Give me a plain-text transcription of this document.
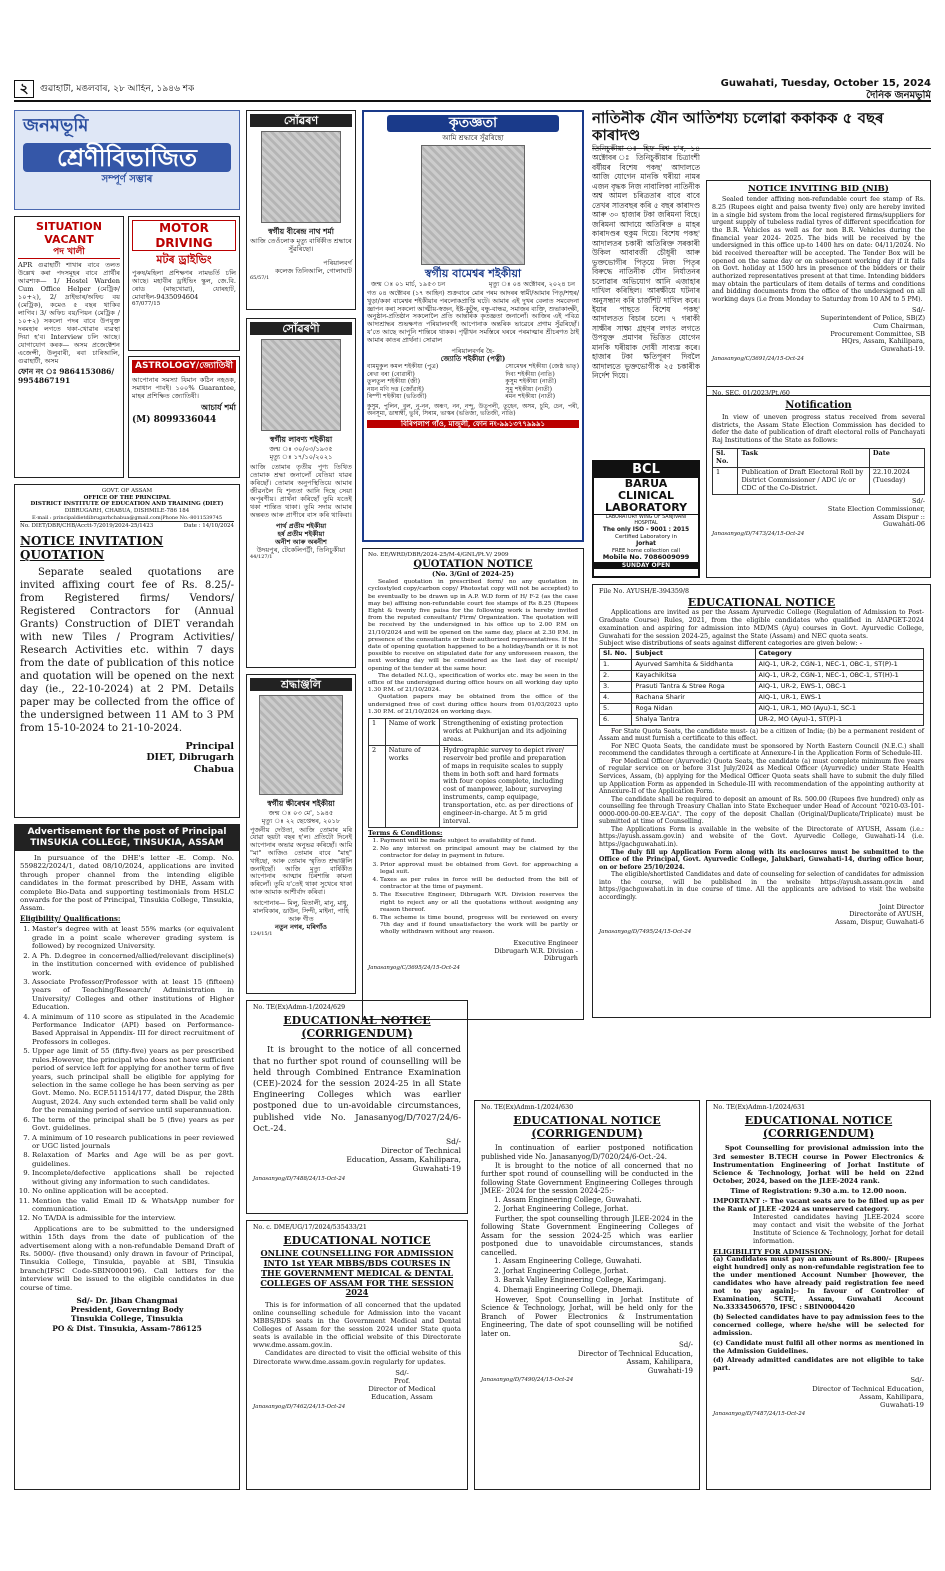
২	গুৱাহাটী, মঙলবাৰ, ২৮ আহিন, ১৯৪৬ শক	Guwahati, Tuesday, October 15, 2024
দৈনিক জনমভূমি
জনমভূমি
শ্ৰেণীবিভাজিত
সম্পূৰ্ণ সম্ভাৰ
SITUATION VACANT
পদ খালী
APR গুৱাহাটী শাখাৰ বাবে তলত উল্লেখ কৰা পদসমূহৰ বাবে প্ৰাৰ্থীৰ আৱশ্যক— 1/ Hostel Warden Cum Office Helper (মেট্ৰিক/১০+২), 2/ দ্ৰাইভাৰ/অফিচ বয় (মেট্ৰিক), কমেও ৫ বছৰ থাকিব লাগিব। 3/ অফিচ বয়/পিয়ন (মেট্ৰিক /১০+২) সকলো পদৰ বাবে উপযুক্ত দৰমহাৰ লগতে থকা-খোৱাৰ ব্যৱস্থা দিয়া হ'ব। Interview চলি আছে। যোগাযোগ কৰক— অসম প্ৰজেক্টেশন এজেন্সী, উলুবাৰী, ৰবা চাৰিআলি, গুৱাহাটী, অসম
ফোন নং ঃ 9864153086/ 9954867191
MOTOR DRIVING
মটৰ ড্ৰাইভিং
পুৰুষ/মহিলা প্ৰশিক্ষণৰ নামভৰ্তি চলি আছে। মহাবীৰ ড্ৰাইভিং স্কুল, জে.বি. ৰোড (মাছখোৱা), যোৰহাট, মোবাইল-9435094604
67/077/15
ASTROLOGY/জ্যোতিষী
আপোনাৰ সমস্যা যিমান কঠিন নহওক, সমাধান পাবই। ১০০% Guarantee, মাহৰ প্ৰশিক্ষিত জ্যোতিষী।
আচাৰ্য শৰ্মা
(M) 8099336044
GOVT. OF ASSAM
OFFICE OF THE PRINCIPAL
DISTRICT INSTITUTE OF EDUCATION AND TRAINING (DIET)
DIBRUGARH, CHABUA, DISHMILE-786 184
E-mail : principaldietdibrugarhchabua@gmail.com|Phone No.-8011539745
No. DIET/DBR/CHB/Acctt-7/2019/2024-25/1423	Date : 14/10/2024
NOTICE INVITATION QUOTATION
Separate sealed quotations are invited affixing court fee of Rs. 8.25/- from Registered firms/ Vendors/ Registered Contractors for (Annual Grants) Construction of DIET verandah with new Tiles / Program Activities/ Research Activities etc. within 7 days from the date of publication of this notice and quotation will be opened on the next day (ie., 22-10-2024) at 2 PM. Details paper may be collected from the office of the undersigned between 11 AM to 3 PM from 15-10-2024 to 21-10-2024.
Principal
DIET, Dibrugarh
Chabua
Advertisement for the post of Principal
TINSUKIA COLLEGE, TINSUKIA, ASSAM
In pursuance of the DHE's letter -E. Comp. No. 559822/2024/1, dated 08/10/2024, applications are invited through proper channel from the intending eligible candidates in the format prescribed by DHE, Assam with complete Bio-Data and supporting testimonials from HSLC onwards for the post of Principal, Tinsukia College, Tinsukia, Assam.
Eligibility/ Qualifications:
1. Master's degree with at least 55% marks (or equivalent grade in a point scale wherever grading system is followed) by recognized University.
2. A Ph. D.degree in concerned/allied/relevant discipline(s) in the institution concerned with evidence of published work.
3. Associate Professor/Professor with at least 15 (fifteen) years of Teaching/Research/ Administration in University/ Colleges and other institutions of Higher Education.
4. A minimum of 110 score as stipulated in the Academic Performance Indicator (API) based on Performance-Based Appraisal in Appendix- III for direct recruitment of Professors in colleges.
5. Upper age limit of 55 (fifty-five) years as per prescribed rules.However, the principal who does not have sufficient period of service left for applying for another term of five years, such principal shall be eligible for applying for selection in the same college he has been serving as per Govt. Memo. No. ECF.511514/177, dated Dispur, the 28th August, 2024. Any such extended term shall be valid only for the remaining period of service until superannuation.
6. The term of the principal shall be 5 (five) years as per Govt. guidelines.
7. A minimum of 10 research publications in peer reviewed or UGC listed journals
8. Relaxation of Marks and Age will be as per govt. guidelines.
9. Incomplete/defective applications shall be rejected without giving any information to such candidates.
10. No online application will be accepted.
11. Mention the valid Email ID & WhatsApp number for communication.
12. No TA/DA is admissible for the interview.
Applications are to be submitted to the undersigned within 15th days from the date of publication of the advertisement along with a non-refundable Demand Draft of Rs. 5000/- (five thousand) only drawn in favour of Principal, Tinsukia College, Tinsukia, payable at SBI, Tinsukia branch(IFSC Code-SBIN0000196). Call letters for the interview will be issued to the eligible candidates in due course of time.
Sd/- Dr. Jiban Changmai
President, Governing Body
Tinsukia College, Tinsukia
PO & Dist. Tinsukia, Assam-786125
সোঁৱৰণ
স্বৰ্গীয় বীৰেন্দ্ৰ নাথ শৰ্মা
আজি তেওঁলোক মৃত্যু বাৰ্ষিকীত শ্ৰদ্ধাৰে সুঁৱৰিছো।
পৰিয়ালবৰ্গ
কলেজ তিনিআলি, গোলাঘাট
65/57/1
সোঁৱৰণী
স্বৰ্গীয় লাবণ্য শইকীয়া
জন্ম ঃ ৩০/০৩/১৯৩৫
মৃত্যু ঃ ১৭/১০/২০২১
আজি তোমাৰ তৃতীয় পুণ্য তিথিত তোমাক শ্ৰদ্ধা জনালোঁ যেতিয়া যাৱৰ কৰিছোঁ। তোমাৰ অনুপস্থিতিয়ে আমাৰ জীৱনলৈ যি শূন্যতা আনি দিছে সেয়া অপূৰণীয়। প্ৰাৰ্থনা কৰিছোঁ তুমি যতেই থকা শান্তিত থাকা। তুমি সদায় আমাৰ অন্তৰত আৰু প্ৰাণীৰে বাস কৰি থাকিবা।
পাৰ্থ প্ৰতীম শইকীয়া
হৰ্ষ প্ৰতীম শইকীয়া
অনীশ আৰু অৰনীশ
উদয়পুৰ, টেকেলিপট্টী, তিনিচুকীয়া
44/127/1
শ্ৰদ্ধাঞ্জলি
স্বৰ্গীয় ক্ষীৰেশ্বৰ শইকীয়া
জন্ম ঃ ০৩ মে', ১৯৪৫
মৃত্যু ঃ ২২ ছেপ্তেম্বৰ, ২০১৮
পুজনীয় দেউতা, আজি তোমাৰ মৰি যোৱা ছয়টা বছৰ হ'ল। প্ৰতিটো দিনেই আপোনাৰ অভাৱ অনুভৱ কৰিছোঁ। আমি "মা" আজিও তোমাৰ বাবে "মাহ" খাইছো, আৰু তোমাৰ স্মৃতিত শ্ৰদ্ধাঞ্জলি জনাইছোঁ। আজি মৃত্যু বাৰ্ষিকীত আপোনাৰ আত্মাৰ চিৰশান্তি কামনা কৰিলোঁ। তুমি য'তেই থাকা সুখেৰে থাকা আৰু আমাক আশীৰ্বাদ কৰিবা।
আপোনাৰ— মিলু, মিতালী, মানু, মাধু, মালবিকাৰ, ডাউন, সিন্দী, মাইনা, পাহি আৰু গীত
নতুন নগৰ, মৰিগাঁও
124/15/1
কৃতজ্ঞতা
আমি শ্ৰদ্ধাৰে সুঁৱৰিছো
স্বৰ্গীয় বামেশ্বৰ শইকীয়া
জন্ম ঃ ০১ মাৰ্চ, ১৯৫৩ চন	মৃত্যু ঃ ০৪ অক্টোবৰ, ২০২৪ চন
গত ০৪ অক্টোবৰ (১৭ আহিন) শুক্ৰবাৰে মোৰ পৰম আদৰৰ স্বামী/আমাৰ পিতৃ/শহুৰ/খুড়া/ককা বামেশ্বৰ শইকীয়াৰ পৰলোকপ্ৰাপ্তি ঘটে। আমাৰ এই দুখৰ বেলাত সমবেদনা জ্ঞাপন কৰা সকলো আত্মীয়-স্বজন, ইষ্ট-কুটুম্ব, বন্ধু-বান্ধৱ, সমাজৰ ব্যক্তি, শুভাকাংক্ষী, অনুষ্ঠান-প্ৰতিষ্ঠান সকলোলৈ প্ৰতি আন্তৰিক কৃতজ্ঞতা জনালোঁ। আজিৰ এই পবিত্ৰ আদ্যশ্ৰাদ্ধৰ শুভক্ষণত পৰিয়ালবৰ্গই আপোনাক অন্তৰিক ভাৱেৰে প্ৰণাম সুঁৱৰিছোঁ। য'তে আছে আপুনি শান্তিৰে থাকক। পৃথ্বীখন সমস্তিৰে ঘৰৰে পৰমাত্মাৰ শ্ৰীচৰণত ঠাই আমাৰ কাতৰ প্ৰাৰ্থনা। সোৱাল
পৰিয়ালবৰ্গৰ হৈ-
জ্যোতি শইকীয়া (পত্নী)
বামমুকুল কমল শইকীয়া (পুত্ৰ)
ৰেখা বৰা (বোৱাৰী)
তুলতুল শইকীয়া (জী)
নয়ন মণি দত্ত (জোঁৱাই)
ৰিম্পী শইকীয়া (ভতিজী)
সোমেশ্বৰ শইকীয়া (জেষ্ঠ ভাতৃ)
দিব্য শইকীয়া (নাতি)
কুসুম শইকীয়া (নাতী)
সুমু শইকীয়া (নাতী)
ৰমন শইকীয়া (নাতী)
কুসুম, পুলিন, বুল, নু-নন, অৰূণ, নন, নন্দু, উত্পলী, তুহেন, অসম, চুমি, চেন, পৰী, অনসূমা, ডাম্বাম্বী, ভুবি, সিৰাম, ভাস্কৰ (ভতিজা, ভতিজী, নাতি)
বিৰিপলাপ গাঁও, মাজুলী, ফোন নং-৯৯১৩৭৭৯৯৯১
No. EE/WRD/DBR/2024-25/M-4/GNL/Pt.V/ 2909
QUOTATION NOTICE
(No. 3/Gnl of 2024-25)
Sealed quotation in prescribed form/ no any quotation in cyclostyled copy/carbon copy/ Photostat copy will not be accepted) to be eventually to be drawn up in A.P. W.D form of H/ F-2 (as the case may be) affixing non-refundable court fee stamps of Rs 8.25 (Rupees Eight & twenty five paisa for the following work is hereby invited from the reputed consultant/ Firm/ Organization. The quotation will be received by the undersigned in his office up to 2.00 P.M on 21/10/2024 and will be opened on the same day, place at 2.30 P.M. in presence of the consultants or their authorized representatives. If the date of opening quotation happened to be a holiday/bandh or it is not possible to receive on stipulated date for any unforeseen reason, the next working day will be considered as the last day of receipt/ opening of the tender at the same hour.
The detailed N.I.Q., specification of works etc. may be seen in the office of the undersigned during office hours on all working day upto 1.30 P.M. of 21/10/2024.
Quotation papers may be obtained from the office of the undersigned free of cost during office hours from 01/03/2023 upto 1.30 P.M. of 21/10/2024 on working days.
1	Name of work	Strengthening of existing protection works at Pukhurijan and its adjoining areas.
2	Nature of works	Hydrographic survey to depict river/ reservoir bed profile and preparation of maps in requisite scales to supply them in both soft and hard formats with four copies complete, including cost of manpower, labour, surveying instruments, camp equipage, transportation, etc. as per directions of engineer-in-charge. At 5 m grid interval.
Terms & Conditions:
1. Payment will be made subject to availability of fund.
2. No any interest on principal amount may be claimed by the contractor for delay in payment in future.
3. Prior approval must be obtained from Govt. for approaching a legal suit.
4. Taxes as per rules in force will be deducted from the bill of contractor at the time of payment.
5. The Executive Engineer, Dibrugarh W.R. Division reserves the right to reject any or all the quotations without assigning any reason thereof.
6. The scheme is time bound, progress will be reviewed on every 7th day and if found unsatisfactory the work will be partly or wholly withdrawn without any reason.
Executive Engineer
Dibrugarh W.R. Division -
Dibrugarh
Janasanyog/C/3695/24/15-Oct-24
নাতিনীক যৌন আতিশয্য চলোৱা ককাকক ৫ বছৰ কাৰাদণ্ড
তিনিচুকীয়া ঃ হিফ বিশ্ব চ'ৰ, ১৪ অক্টোবৰ ঃ তিনিচুকীয়াৰ চিত্ৰাংশী বৰ্ষীয়ৰ বিশেষ পকছ' আদালতে আজি যোগেন মানকি ঘৰীয়া নামৰ এজন বৃদ্ধক নিজ নাবালিকা নাতিনীক অশ্ব আমল চৰিত্ৰতাৰ বাবে বাবে তেখৰ সাতবছৰ কৰি ৫ বছৰ কাৰাদণ্ড আৰু ৩০ হাজাৰ টকা জৰিমনা বিহে। জৰিমনা আদায়ে অতিৰিক্ত ৪ মাহৰ কাৰাদণ্ডৰ হুকুম দিয়ে। বিশেষ পকছ' আদালতৰ চকাৰী অতিৰিক্ত সৰকাৰী উকিল আবাবজী চৌধুৰী আৰু ভুক্তভোগীৰ পিতৃয়ে নিজ পিতৃৰ বিৰুদ্ধে নাতিনীক যৌন নিৰ্যাতনৰ চলোৱাৰ অভিযোগ আনি এজাহাৰ দাখিল কৰিছিল। আৰক্ষীয়ে ঘটনাৰ অনুসন্ধান কৰি চাৰ্জশিট দাখিল কৰে। ইয়াৰ পাছতে বিশেষ পকছ' আদালতত বিচাৰ চলে। ৭ গৰাকী সাক্ষীৰ সাক্ষ্য গ্ৰহণৰ লগত লগতে উপযুক্ত প্ৰমাণৰ ভিত্তিত যোগেন মানকি ঘৰীয়াক দোষী সাব্যস্ত কৰে। হাজাৰ টকা ক্ষতিপূৰণ দিবলৈ আদালতে ভুক্তভোগীক ২৫ চকাৰীক নিৰ্দেশ দিয়ে।
BCL
BARUA
CLINICAL
LABORATORY
LABORATORY WING OF SANJIVANI HOSPITAL
The only ISO - 9001 : 2015
Certified Laboratory in
Jorhat
FREE home collection call
Mobile No. 7086009099
SUNDAY OPEN
NOTICE INVITING BID (NIB)
Sealed tender affixing non-refundable court fee stamp of Rs. 8.25 (Rupees eight and paisa twenty five) only are hereby invited in a single bid system from the local registered firms/suppliers for urgent supply of tubeless radial tyres of different specification for the B.R. Vehicles as well as for non B.R. Vehicles during the financial year 2024- 2025. The bids will be received by the undersigned in this office up-to 1400 hrs on date: 04/11/2024. No bid received thereafter will be accepted. The Tender Box will be opened on the same day or on subsequent working day if it falls on Govt. holiday at 1500 hrs in presence of the bidders or their authorized representatives present at that time. Intending bidders may obtain the particulars of item details of terms and conditions and bidding documents from the office of the undersigned on all working days (i.e from Monday to Saturday from 10 AM to 5 PM).
Sd/-
Superintendent of Police, SB(Z)
Cum Chairman,
Procurement Committee, SB
HQrs, Assam, Kahilipara,
Guwahati-19.
Janasanyog/C/3691/24/15-Oct-24
No. SEC. 01/2023/Pt./60
Notification
In view of uneven progress status received from several districts, the Assam State Election Commission has decided to defer the date of publication of draft electoral rolls of Panchayati Raj Institutions of the State as follows:
Sl. No.	Task	Date
1	Publication of Draft Electoral Roll by District Commissioner / ADC i/c or CDC of the Co-District.	22.10.2024 (Tuesday)
Sd/-
State Election Commissioner,
Assam Dispur ::
Guwahati-06
Janasanyog/D/7473/24/15-Oct-24
File No. AYUSH/E-394359/8
EDUCATIONAL NOTICE
Applications are invited as per the Assam Ayurvedic College (Regulation of Admission to Post-Graduate Course) Rules, 2021, from the eligible candidates who qualified in AIAPGET-2024 examination and aspiring for admission into MD/MS (Ayu) courses in Govt. Ayurvedic College, Guwahati for the session 2024-25, against the State (Assam) and NEC quota seats.
Subject wise distributions of seats against different categories are given below: -
Sl. No.	Subject	Category
1.	Ayurved Samhita & Siddhanta	AIQ-1, UR-2, CGN-1, NEC-1, OBC-1, ST(P)-1
2.	Kayachikitsa	AIQ-1, UR-2, CGN-1, NEC-1, OBC-1, ST(H)-1
3.	Prasuti Tantra & Stree Roga	AIQ-1, UR-2, EWS-1, OBC-1
4.	Rachana Sharir	AIQ-1, UR-1, EWS-1
5.	Roga Nidan	AIQ-1, UR-1, MO (Ayu)-1, SC-1
6.	Shalya Tantra	UR-2, MO (Ayu)-1, ST(P)-1
For State Quota Seats, the candidate must- (a) be a citizen of India; (b) be a permanent resident of Assam and must furnish a certificate to this effect.
For NEC Quota Seats, the candidate must be sponsored by North Eastern Council (N.E.C.) shall recommend the candidates through a certificate at Annexure-I in the Application Form of Schedule-III.
For Medical Officer (Ayurvedic) Quota Seats, the candidate (a) must complete minimum five years of regular service on or before 31st July/2024 as Medical Officer (Ayurvedic) under State Health Services, Assam, (b) applying for the Medical Officer Quota seats shall have to submit the duly filled up Application Form as appended in Schedule-III with recommendation of the appointing authority at Annexure-II of the Application Form.
The candidate shall be required to deposit an amount of Rs. 500.00 (Rupees five hundred) only as counselling fee through Treasury Challan into State Exchequer under Head of Account "0210-03-101-0000-000-00-00-EE-V-GA". The copy of the deposit Challan (Original/Duplicate/Triplicate) must be submitted at time of Counselling.
The Applications Form is available in the website of the Directorate of AYUSH, Assam (i.e.: https://ayush.assam.gov.in) and website of the Govt. Ayurvedic College, Guwahati-14 (i.e. https://gachguwahati.in).
The duly fill up Application Form along with its enclosures must be submitted to the Office of the Principal, Govt. Ayurvedic College, Jalukbari, Guwahati-14, during office hour, on or before 25/10/2024.
The eligible/shortlisted Candidates and date of counseling for selection of candidates for admission into the course, will be published in the website https://ayush.assam.gov.in and https://gachguwahati.in in due course of time. All the applicants are advised to visit the website accordingly.
Joint Director
Directorate of AYUSH,
Assam, Dispur, Guwahati-6
Janasanyog/D/7495/24/15-Oct-24
No. TE(Ex)Admn-1/2024/629
EDUCATIONAL NOTICE
(CORRIGENDUM)
It is brought to the notice of all concerned that no further spot round of counselling will be held through Combined Entrance Examination (CEE)-2024 for the session 2024-25 in all State Engineering Colleges which was earlier postponed due to un-avoidable circumstances, published vide No. Janasanyog/D/7027/24/6-Oct.-24.
Sd/-
Director of Technical
Education, Assam, Kahilipara,
Guwahati-19
Janasanyog/D/7488/24/15-Oct-24
No. c. DME/UG/17/2024/535433/21
EDUCATIONAL NOTICE
ONLINE COUNSELLING FOR ADMISSION INTO 1st YEAR MBBS/BDS COURSES IN THE GOVERNMENT MEDICAL & DENTAL COLLEGES OF ASSAM FOR THE SESSION 2024
This is for information of all concerned that the updated online counselling schedule for Admission into the vacant MBBS/BDS seats in the Government Medical and Dental Colleges of Assam for the session 2024 under State quota seats is available in the official website of this Directorate www.dme.assam.gov.in.
Candidates are directed to visit the official website of this Directorate www.dme.assam.gov.in regularly for updates.
Sd/-
Prof.
Director of Medical
Education, Assam
Janasanyog/D/7462/24/15-Oct-24
No. TE(Ex)Admn-1/2024/630
EDUCATIONAL NOTICE
(CORRIGENDUM)
In continuation of earlier postponed notification published vide No. Janasanyog/D/7020/24/6-Oct.-24.
It is brought to the notice of all concerned that no further spot round of counselling will be conducted in the following State Government Engineering Colleges through JMEE- 2024 for the session 2024-25:-
1. Assam Engineering College, Guwahati.
2. Jorhat Engineering College, Jorhat.
Further, the spot counselling through JLEE-2024 in the following State Government Engineering Colleges of Assam for the session 2024-25 which was earlier postponed due to unavoidable circumstances, stands cancelled.
1. Assam Engineering College, Guwahati.
2. Jorhat Engineering College, Jorhat.
3. Barak Valley Engineering College, Karimganj.
4. Dhemaji Engineering College, Dhemaji.
However, Spot Counselling in Jorhat Institute of Science & Technology, Jorhat, will be held only for the Branch of Power Electronics & Instrumentation Engineering, The date of spot counselling will be notified later on.
Sd/-
Director of Technical Education,
Assam, Kahilipara,
Guwahati-19
Janasanyog/D/7490/24/15-Oct-24
No. TE(Ex)Admn-1/2024/631
EDUCATIONAL NOTICE
(CORRIGENDUM)
Spot Counselling for provisional admission into the 3rd semester B.TECH course in Power Electronics & Instrumentation Engineering of Jorhat Institute of Science & Technology, Jorhat will be held on 22nd October, 2024, based on the JLEE-2024 rank.
Time of Registration: 9.30 a.m. to 12.00 noon.
IMPORTANT :- The vacant seats are to be filled up as per the Rank of JLEE -2024 as unreserved category.
Interested candidates having JLEE-2024 score may contact and visit the website of the Jorhat Institute of Science & Technology, Jorhat for detail information.
ELIGIBILITY FOR ADMISSION:
(a) Candidates must pay an amount of Rs.800/- [Rupees eight hundred] only as non-refundable registration fee to the under mentioned Account Number [however, the candidates who have already paid registration fee need not to pay again]:- In favour of Controller of Examination, SCTE, Assam, Guwahati Account No.33334506570, IFSC : SBIN0004420
(b) Selected candidates have to pay admission fees to the concerned college, where he/she will be selected for admission.
(c) Candidate must fulfil all other norms as mentioned in the Admission Guidelines.
(d) Already admitted candidates are not eligible to take part.
Sd/-
Director of Technical Education,
Assam, Kahilipara,
Guwahati-19
Janasanyog/D/7487/24/15-Oct-24
